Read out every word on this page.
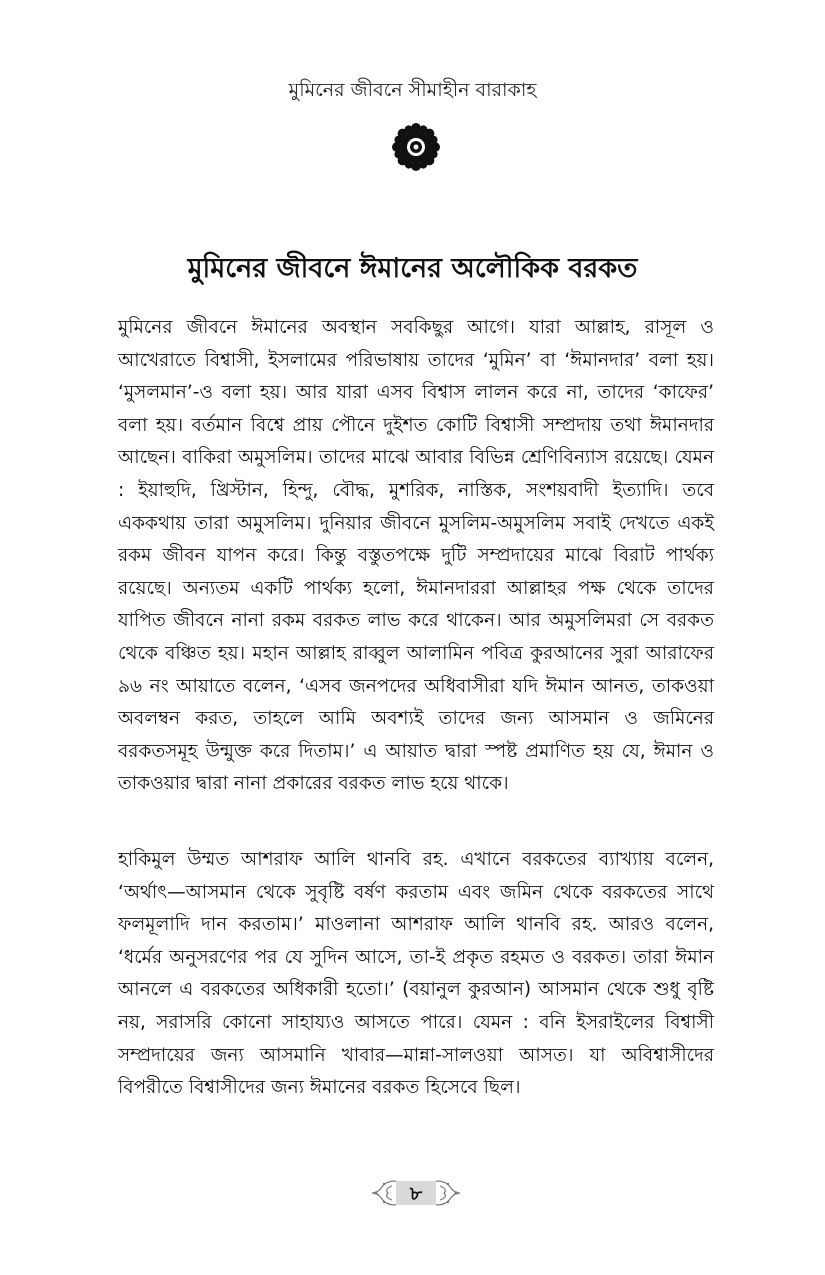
মুমিনের জীবনে সীমাহীন বারাকাহ
মুমিনের জীবনে ঈমানের অলৌকিক বরকত

মুমিনের জীবনে ঈমানের অবস্থান সবকিছুর আগে। যারা আল্লাহ, রাসূল ও আখেরাতে বিশ্বাসী, ইসলামের পরিভাষায় তাদের ‘মুমিন’ বা ‘ঈমানদার’ বলা হয়। ‘মুসলমান’-ও বলা হয়। আর যারা এসব বিশ্বাস লালন করে না, তাদের ‘কাফের’ বলা হয়। বর্তমান বিশ্বে প্রায় পৌনে দুইশত কোটি বিশ্বাসী সম্প্রদায় তথা ঈমানদার আছেন। বাকিরা অমুসলিম। তাদের মাঝে আবার বিভিন্ন শ্রেণিবিন্যাস রয়েছে। যেমন : ইয়াহুদি, খ্রিস্টান, হিন্দু, বৌদ্ধ, মুশরিক, নাস্তিক, সংশয়বাদী ইত্যাদি। তবে এককথায় তারা অমুসলিম। দুনিয়ার জীবনে মুসলিম-অমুসলিম সবাই দেখতে একই রকম জীবন যাপন করে। কিন্তু বস্তুতপক্ষে দুটি সম্প্রদায়ের মাঝে বিরাট পার্থক্য রয়েছে। অন্যতম একটি পার্থক্য হলো, ঈমানদাররা আল্লাহর পক্ষ থেকে তাদের যাপিত জীবনে নানা রকম বরকত লাভ করে থাকেন। আর অমুসলিমরা সে বরকত থেকে বঞ্চিত হয়। মহান আল্লাহ রাব্বুল আলামিন পবিত্র কুরআনের সুরা আরাফের ৯৬ নং আয়াতে বলেন, ‘এসব জনপদের অধিবাসীরা যদি ঈমান আনত, তাকওয়া অবলম্বন করত, তাহলে আমি অবশ্যই তাদের জন্য আসমান ও জমিনের বরকতসমূহ উন্মুক্ত করে দিতাম।’ এ আয়াত দ্বারা স্পষ্ট প্রমাণিত হয় যে, ঈমান ও তাকওয়ার দ্বারা নানা প্রকারের বরকত লাভ হয়ে থাকে।

হাকিমুল উম্মত আশরাফ আলি থানবি রহ. এখানে বরকতের ব্যাখ্যায় বলেন, ‘অর্থাৎ—আসমান থেকে সুবৃষ্টি বর্ষণ করতাম এবং জমিন থেকে বরকতের সাথে ফলমূলাদি দান করতাম।’ মাওলানা আশরাফ আলি থানবি রহ. আরও বলেন, ‘ধর্মের অনুসরণের পর যে সুদিন আসে, তা-ই প্রকৃত রহমত ও বরকত। তারা ঈমান আনলে এ বরকতের অধিকারী হতো।’ (বয়ানুল কুরআন) আসমান থেকে শুধু বৃষ্টি নয়, সরাসরি কোনো সাহায্যও আসতে পারে। যেমন : বনি ইসরাইলের বিশ্বাসী সম্প্রদায়ের জন্য আসমানি খাবার—মান্না-সালওয়া আসত। যা অবিশ্বাসীদের বিপরীতে বিশ্বাসীদের জন্য ঈমানের বরকত হিসেবে ছিল।

৮
